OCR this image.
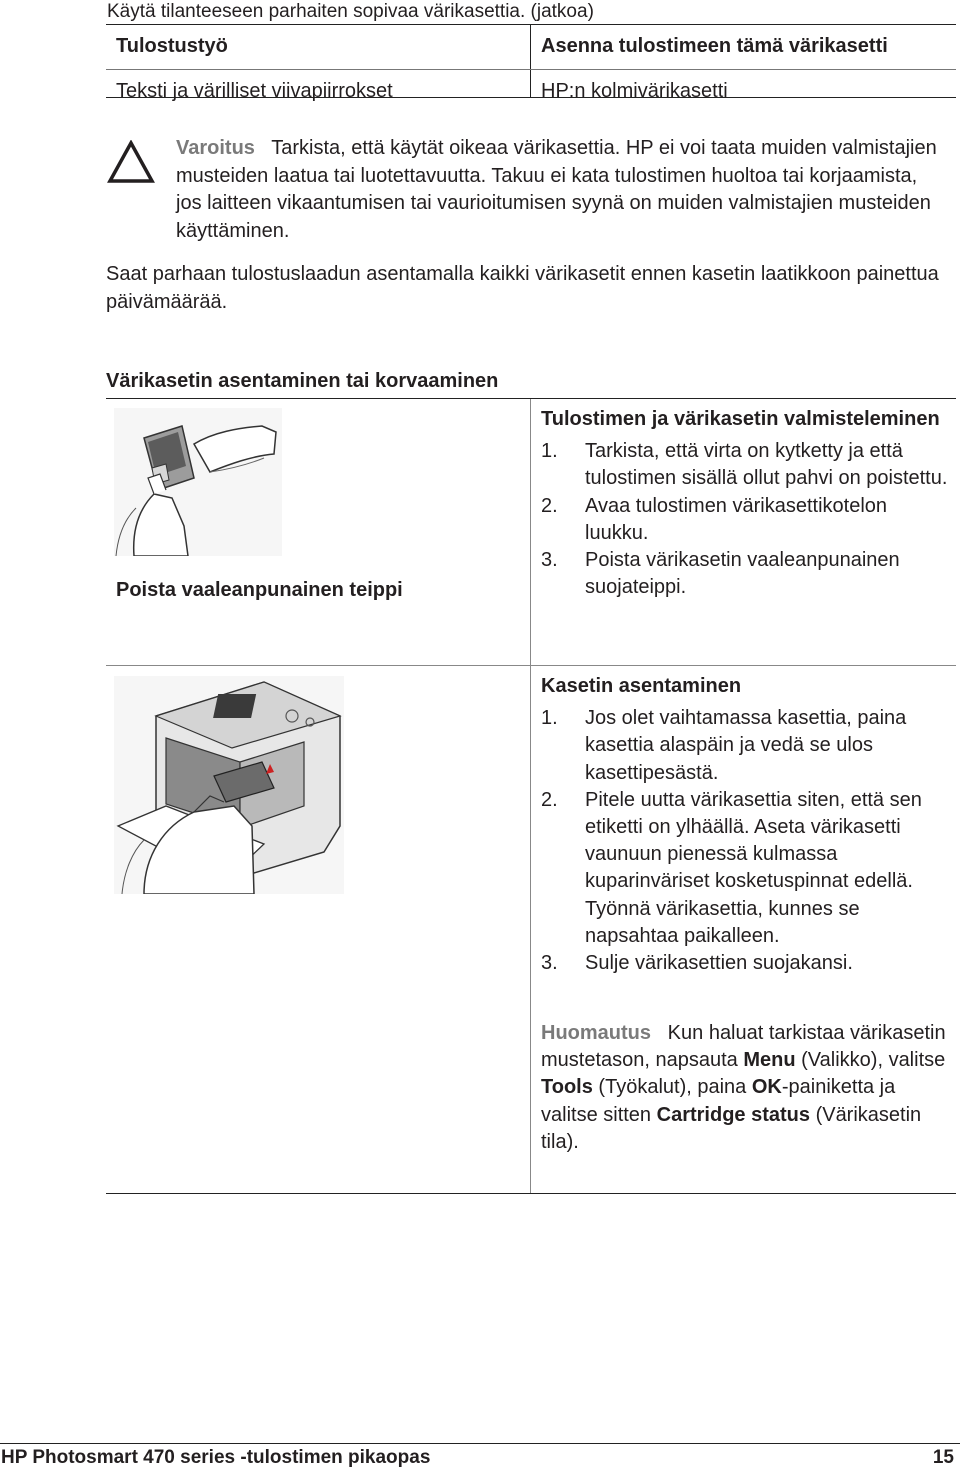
Käytä tilanteeseen parhaiten sopivaa värikasettia. (jatkoa)
Tulostustyö	Asenna tulostimeen tämä värikasetti
Teksti ja värilliset viivapiirrokset	HP:n kolmivärikasetti
Varoitus Tarkista, että käytät oikeaa värikasettia. HP ei voi taata muiden valmistajien musteiden laatua tai luotettavuutta. Takuu ei kata tulostimen huoltoa tai korjaamista, jos laitteen vikaantumisen tai vaurioitumisen syynä on muiden valmistajien musteiden käyttäminen.
Saat parhaan tulostuslaadun asentamalla kaikki värikasetit ennen kasetin laatikkoon painettua päivämäärää.
Värikasetin asentaminen tai korvaaminen
Poista vaaleanpunainen teippi

Tulostimen ja värikasetin valmisteleminen

1. Tarkista, että virta on kytketty ja että tulostimen sisällä ollut pahvi on poistettu.
2. Avaa tulostimen värikasettikotelon luukku.
3. Poista värikasetin vaaleanpunainen suojateippi.

Kasetin asentaminen

1. Jos olet vaihtamassa kasettia, paina kasettia alaspäin ja vedä se ulos kasettipesästä.
2. Pitele uutta värikasettia siten, että sen etiketti on ylhäällä. Aseta värikasetti vaunuun pienessä kulmassa kuparinväriset kosketuspinnat edellä. Työnnä värikasettia, kunnes se napsahtaa paikalleen.
3. Sulje värikasettien suojakansi.
Huomautus Kun haluat tarkistaa värikasetin mustetason, napsauta Menu (Valikko), valitse Tools (Työkalut), paina OK-painiketta ja valitse sitten Cartridge status (Värikasetin tila).
HP Photosmart 470 series -tulostimen pikaopas	15
